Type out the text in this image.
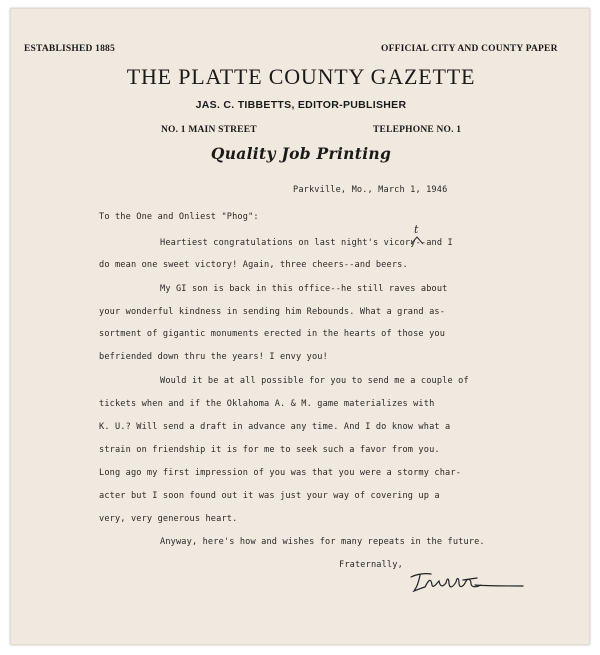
ESTABLISHED 1885	OFFICIAL CITY AND COUNTY PAPER
THE PLATTE COUNTY GAZETTE
JAS. C. TIBBETTS, EDITOR-PUBLISHER
NO. 1 MAIN STREET	TELEPHONE NO. 1
Quality Job Printing
Parkville, Mo., March 1, 1946
To the One and Onliest "Phog":
Heartiest congratulations on last night's vicory--and I
t
do mean one sweet victory! Again, three cheers--and beers.
My GI son is back in this office--he still raves about
your wonderful kindness in sending him Rebounds. What a grand as-
sortment of gigantic monuments erected in the hearts of those you
befriended down thru the years! I envy you!
Would it be at all possible for you to send me a couple of
tickets when and if the Oklahoma A. & M. game materializes with
K. U.? Will send a draft in advance any time. And I do know what a
strain on friendship it is for me to seek such a favor from you.
Long ago my first impression of you was that you were a stormy char-
acter but I soon found out it was just your way of covering up a
very, very generous heart.
Anyway, here's how and wishes for many repeats in the future.
Fraternally,
